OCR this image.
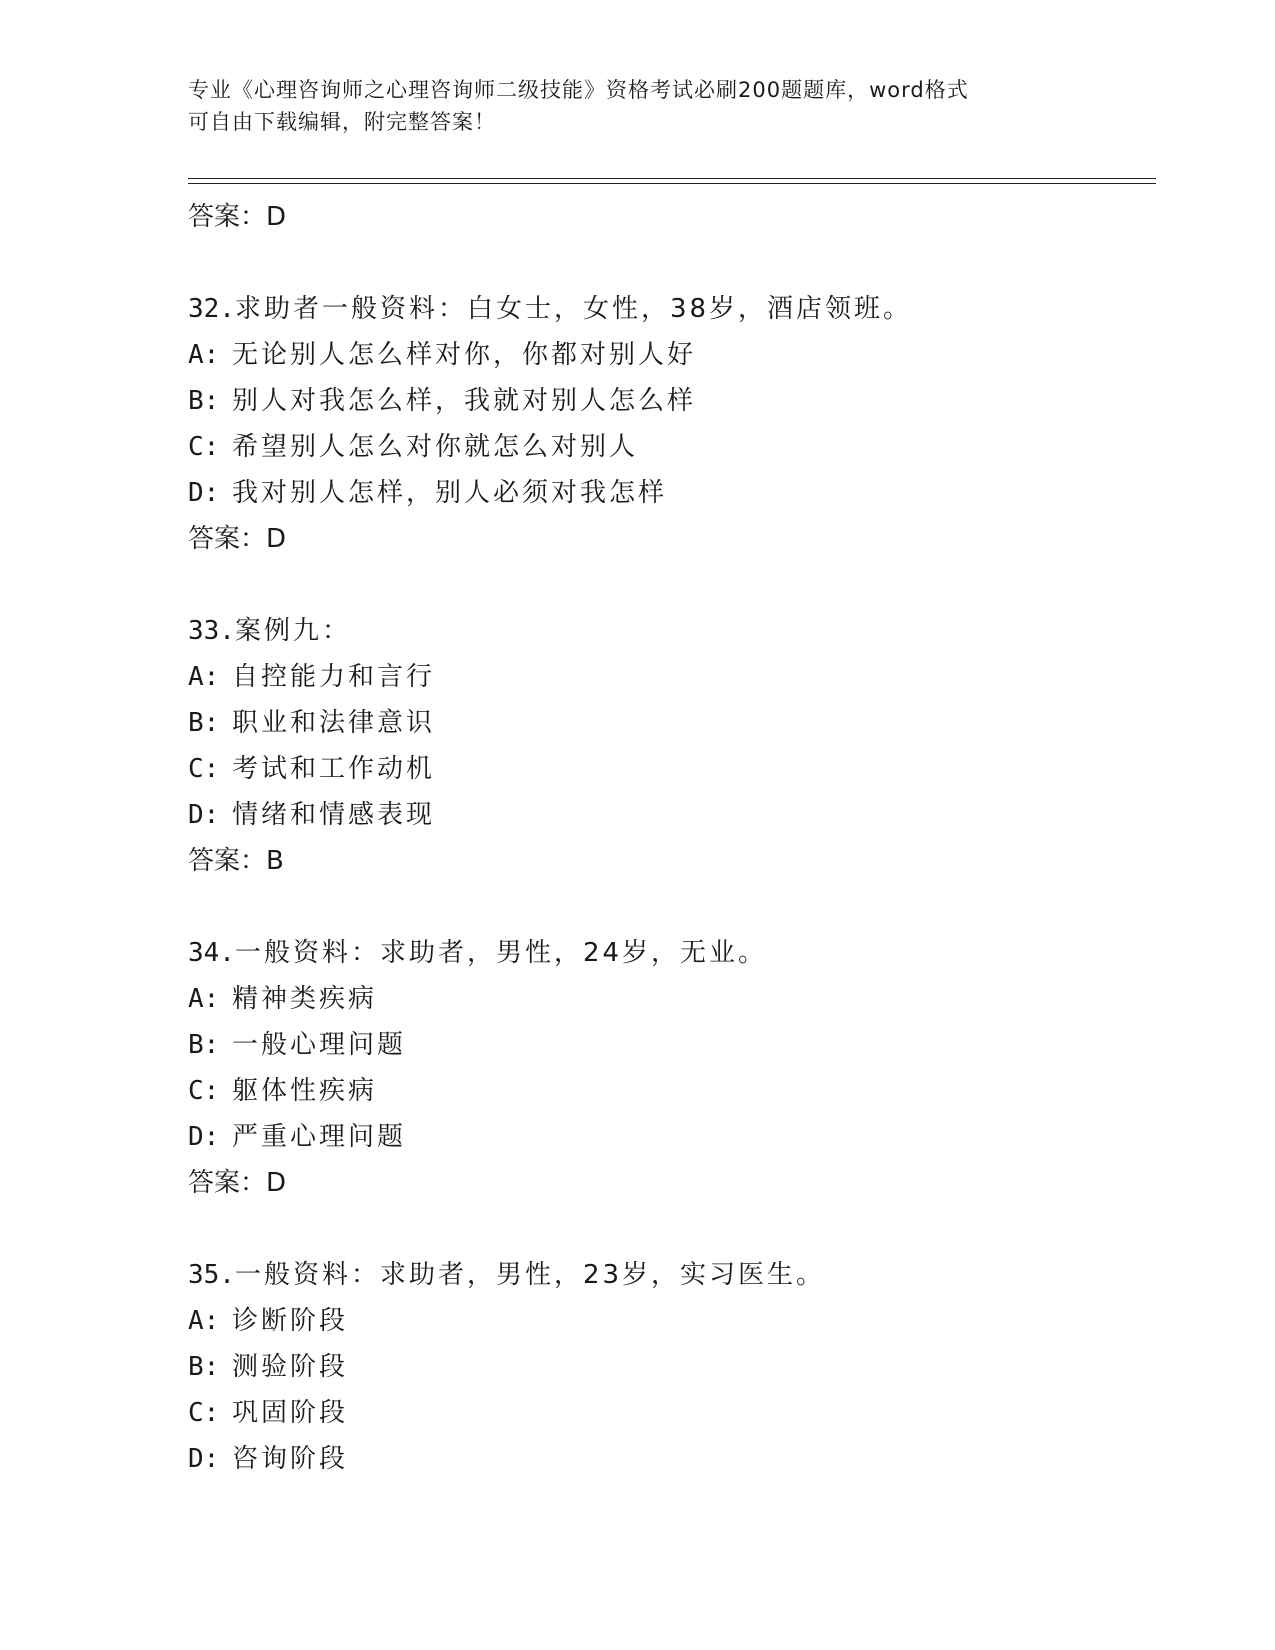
专业《心理咨询师之心理咨询师二级技能》资格考试必刷200题题库，word格式
可自由下载编辑，附完整答案！
答案：D
32.求助者一般资料：白女士，女性，38岁，酒店领班。
A: 无论别人怎么样对你，你都对别人好
B: 别人对我怎么样，我就对别人怎么样
C: 希望别人怎么对你就怎么对别人
D: 我对别人怎样，别人必须对我怎样
答案：D
33.案例九：
A: 自控能力和言行
B: 职业和法律意识
C: 考试和工作动机
D: 情绪和情感表现
答案：B
34.一般资料：求助者，男性，24岁，无业。
A: 精神类疾病
B: 一般心理问题
C: 躯体性疾病
D: 严重心理问题
答案：D
35.一般资料：求助者，男性，23岁，实习医生。
A: 诊断阶段
B: 测验阶段
C: 巩固阶段
D: 咨询阶段
